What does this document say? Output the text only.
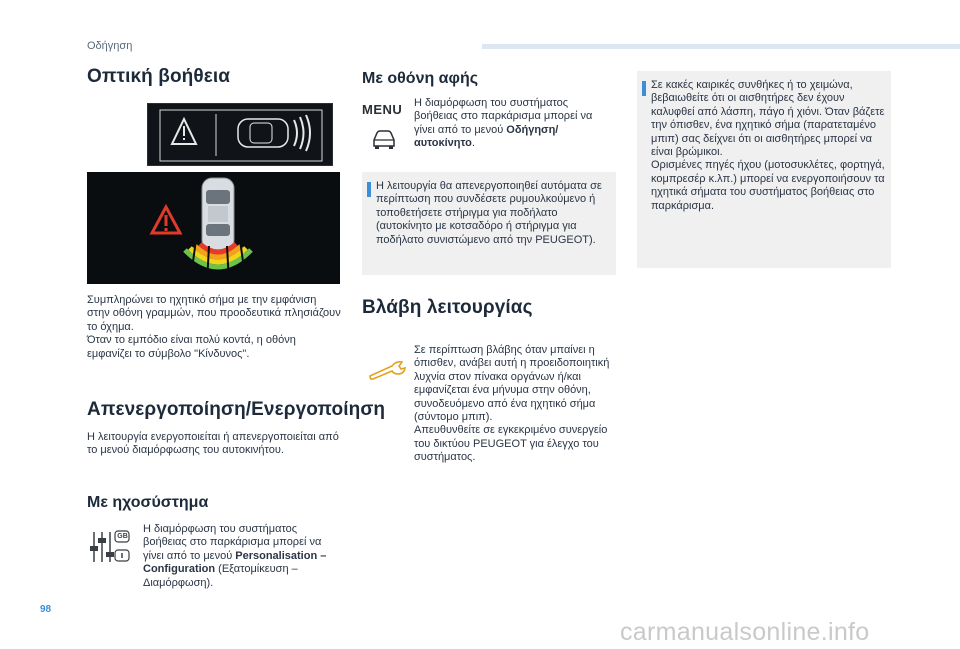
Οδήγηση
Οπτική βοήθεια
Συμπληρώνει το ηχητικό σήμα με την εμφάνιση στην οθόνη γραμμών, που προοδευτικά πλησιάζουν το όχημα.
Όταν το εμπόδιο είναι πολύ κοντά, η οθόνη εμφανίζει το σύμβολο "Κίνδυνος".
Απενεργοποίηση/Ενεργοποίηση
Η λειτουργία ενεργοποιείται ή απενεργοποιείται από το μενού διαμόρφωσης του αυτοκινήτου.
Με ηχοσύστημα
GB
Η διαμόρφωση του συστήματος βοήθειας στο παρκάρισμα μπορεί να γίνει από το μενού Personalisation – Configuration (Εξατομίκευση – Διαμόρφωση).
Με οθόνη αφής
MENU Η διαμόρφωση του συστήματος βοήθειας στο παρκάρισμα μπορεί να γίνει από το μενού Οδήγηση/αυτοκίνητο.
Η λειτουργία θα απενεργοποιηθεί αυτόματα σε περίπτωση που συνδέσετε ρυμουλκούμενο ή τοποθετήσετε στήριγμα για ποδήλατο (αυτοκίνητο με κοτσαδόρο ή στήριγμα για ποδήλατο συνιστώμενο από την PEUGEOT).
Βλάβη λειτουργίας
Σε περίπτωση βλάβης όταν μπαίνει η όπισθεν, ανάβει αυτή η προειδοποιητική λυχνία στον πίνακα οργάνων ή/και εμφανίζεται ένα μήνυμα στην οθόνη, συνοδευόμενο από ένα ηχητικό σήμα (σύντομο μπιπ).
Απευθυνθείτε σε εγκεκριμένο συνεργείο του δικτύου PEUGEOT για έλεγχο του συστήματος.
Σε κακές καιρικές συνθήκες ή το χειμώνα, βεβαιωθείτε ότι οι αισθητήρες δεν έχουν καλυφθεί από λάσπη, πάγο ή χιόνι. Όταν βάζετε την όπισθεν, ένα ηχητικό σήμα (παρατεταμένο μπιπ) σας δείχνει ότι οι αισθητήρες μπορεί να είναι βρώμικοι.
Ορισμένες πηγές ήχου (μοτοσυκλέτες, φορτηγά, κομπρεσέρ κ.λπ.) μπορεί να ενεργοποιήσουν τα ηχητικά σήματα του συστήματος βοήθειας στο παρκάρισμα.
98
carmanualsonline.info
